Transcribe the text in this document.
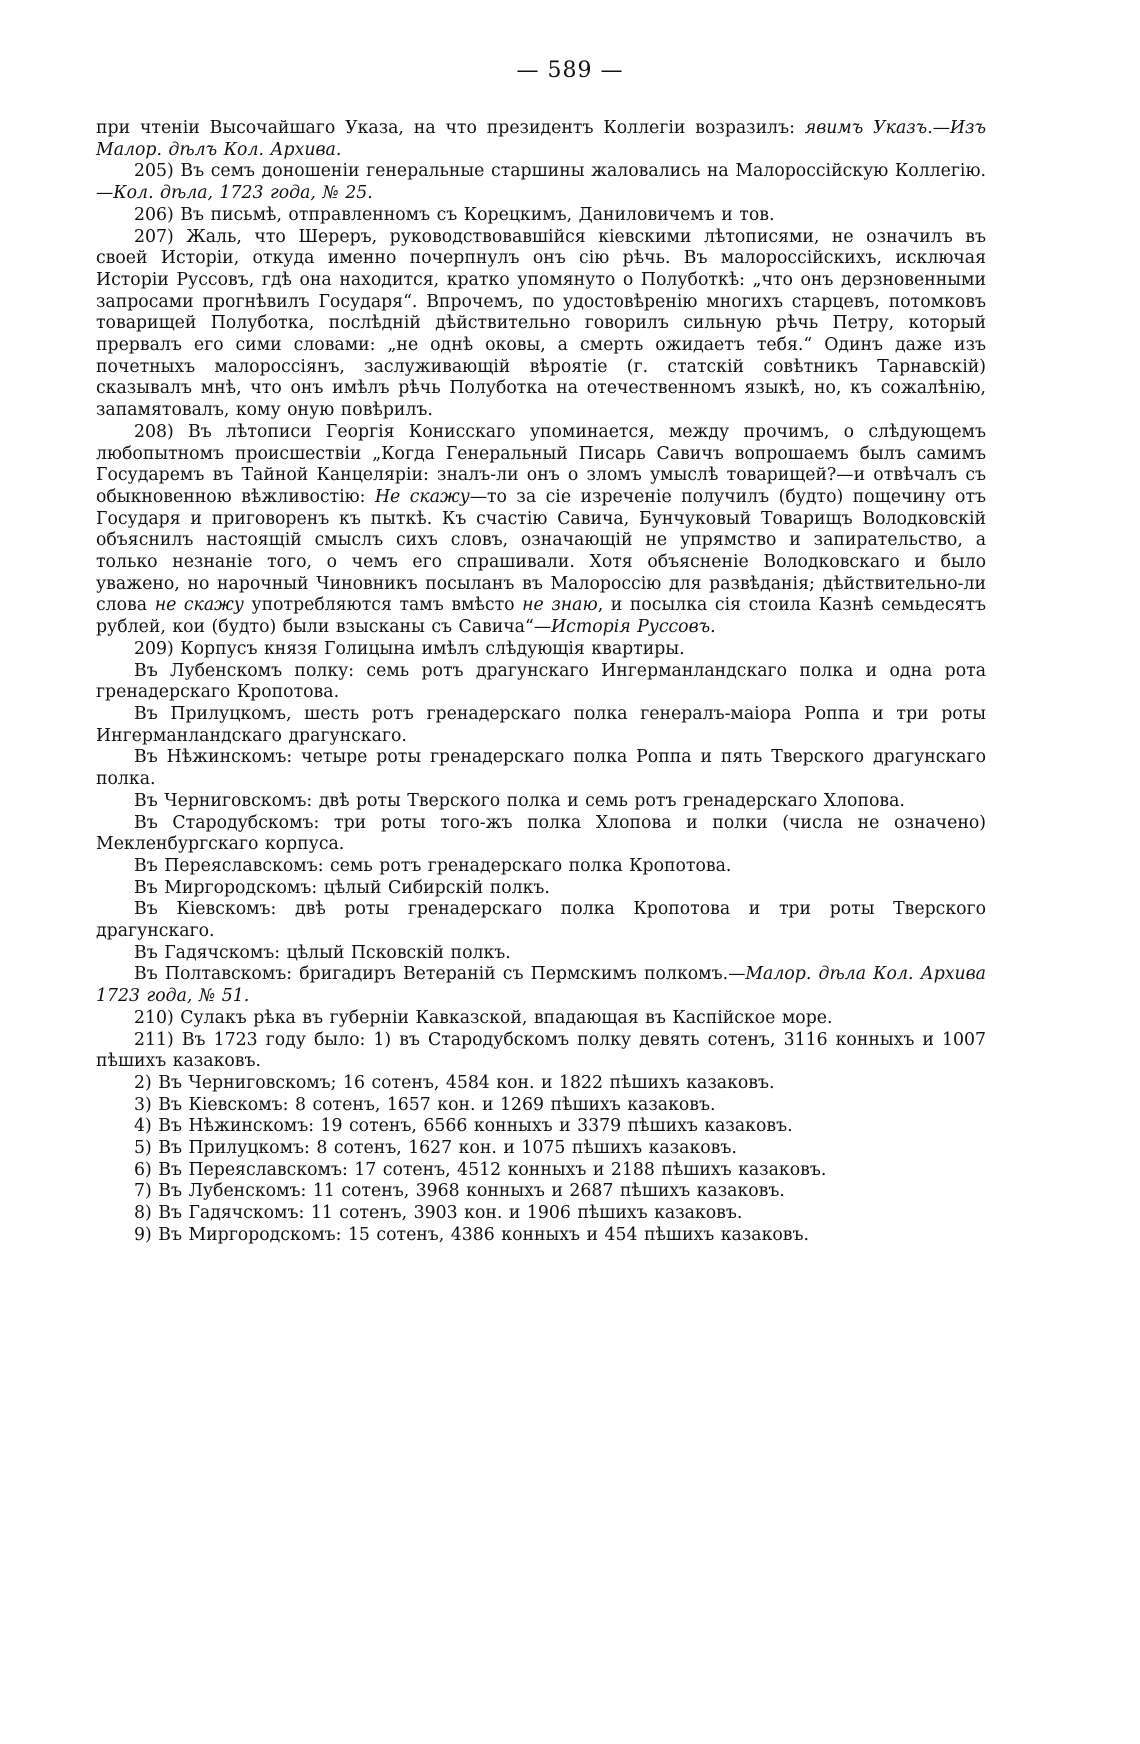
— 589 —

при чтеніи Высочайшаго Указа, на что президентъ Коллегіи возразилъ: явимъ Указъ.—Изъ Малор. дѣлъ Кол. Архива.

205) Въ семъ доношеніи генеральные старшины жаловались на Малороссійскую Коллегію.—Кол. дѣла, 1723 года, № 25.

206) Въ письмѣ, отправленномъ съ Корецкимъ, Даниловичемъ и тов.

207) Жаль, что Шереръ, руководствовавшійся кіевскими лѣтописями, не означилъ въ своей Исторіи, откуда именно почерпнулъ онъ сію рѣчь. Въ малороссійскихъ, исключая Исторіи Руссовъ, гдѣ она находится, кратко упомянуто о Полуботкѣ: „что онъ дерзновенными запросами прогнѣвилъ Государя“. Впрочемъ, по удостовѣренію многихъ старцевъ, потомковъ товарищей Полуботка, послѣдній дѣйствительно говорилъ сильную рѣчь Петру, который прервалъ его сими словами: „не однѣ оковы, а смерть ожидаетъ тебя.“ Одинъ даже изъ почетныхъ малороссіянъ, заслуживающій вѣроятіе (г. статскій совѣтникъ Тарнавскій) сказывалъ мнѣ, что онъ имѣлъ рѣчь Полуботка на отечественномъ языкѣ, но, къ сожалѣнію, запамятовалъ, кому оную повѣрилъ.

208) Въ лѣтописи Георгія Конисскаго упоминается, между прочимъ, о слѣдующемъ любопытномъ происшествіи „Когда Генеральный Писарь Савичъ вопрошаемъ былъ самимъ Государемъ въ Тайной Канцеляріи: зналъ-ли онъ о зломъ умыслѣ товарищей?—и отвѣчалъ съ обыкновенною вѣжливостію: Не скажу—то за сіе изреченіе получилъ (будто) пощечину отъ Государя и приговоренъ къ пыткѣ. Къ счастію Савича, Бунчуковый Товарищъ Володковскій объяснилъ настоящій смыслъ сихъ словъ, означающій не упрямство и запирательство, а только незнаніе того, о чемъ его спрашивали. Хотя объясненіе Володковскаго и было уважено, но нарочный Чиновникъ посыланъ въ Малороссію для развѣданія; дѣйствительно-ли слова не скажу употребляются тамъ вмѣсто не знаю, и посылка сія стоила Казнѣ семьдесятъ рублей, кои (будто) были взысканы съ Савича“—Исторія Руссовъ.

209) Корпусъ князя Голицына имѣлъ слѣдующія квартиры.

Въ Лубенскомъ полку: семь ротъ драгунскаго Ингерманландскаго полка и одна рота гренадерскаго Кропотова.

Въ Прилуцкомъ, шесть ротъ гренадерскаго полка генералъ-маіора Роппа и три роты Ингерманландскаго драгунскаго.

Въ Нѣжинскомъ: четыре роты гренадерскаго полка Роппа и пять Тверского драгунскаго полка.

Въ Черниговскомъ: двѣ роты Тверского полка и семь ротъ гренадерскаго Хлопова.

Въ Стародубскомъ: три роты того-жъ полка Хлопова и полки (числа не означено) Мекленбургскаго корпуса.

Въ Переяславскомъ: семь ротъ гренадерскаго полка Кропотова.

Въ Миргородскомъ: цѣлый Сибирскій полкъ.

Въ Кіевскомъ: двѣ роты гренадерскаго полка Кропотова и три роты Тверского драгунскаго.

Въ Гадячскомъ: цѣлый Псковскій полкъ.

Въ Полтавскомъ: бригадиръ Ветераній съ Пермскимъ полкомъ.—Малор. дѣла Кол. Архива 1723 года, № 51.

210) Сулакъ рѣка въ губерніи Кавказской, впадающая въ Каспійское море.

211) Въ 1723 году было: 1) въ Стародубскомъ полку девять сотенъ, 3116 конныхъ и 1007 пѣшихъ казаковъ.

2) Въ Черниговскомъ; 16 сотенъ, 4584 кон. и 1822 пѣшихъ казаковъ.

3) Въ Кіевскомъ: 8 сотенъ, 1657 кон. и 1269 пѣшихъ казаковъ.

4) Въ Нѣжинскомъ: 19 сотенъ, 6566 конныхъ и 3379 пѣшихъ казаковъ.

5) Въ Прилуцкомъ: 8 сотенъ, 1627 кон. и 1075 пѣшихъ казаковъ.

6) Въ Переяславскомъ: 17 сотенъ, 4512 конныхъ и 2188 пѣшихъ казаковъ.

7) Въ Лубенскомъ: 11 сотенъ, 3968 конныхъ и 2687 пѣшихъ казаковъ.

8) Въ Гадячскомъ: 11 сотенъ, 3903 кон. и 1906 пѣшихъ казаковъ.

9) Въ Миргородскомъ: 15 сотенъ, 4386 конныхъ и 454 пѣшихъ казаковъ.
